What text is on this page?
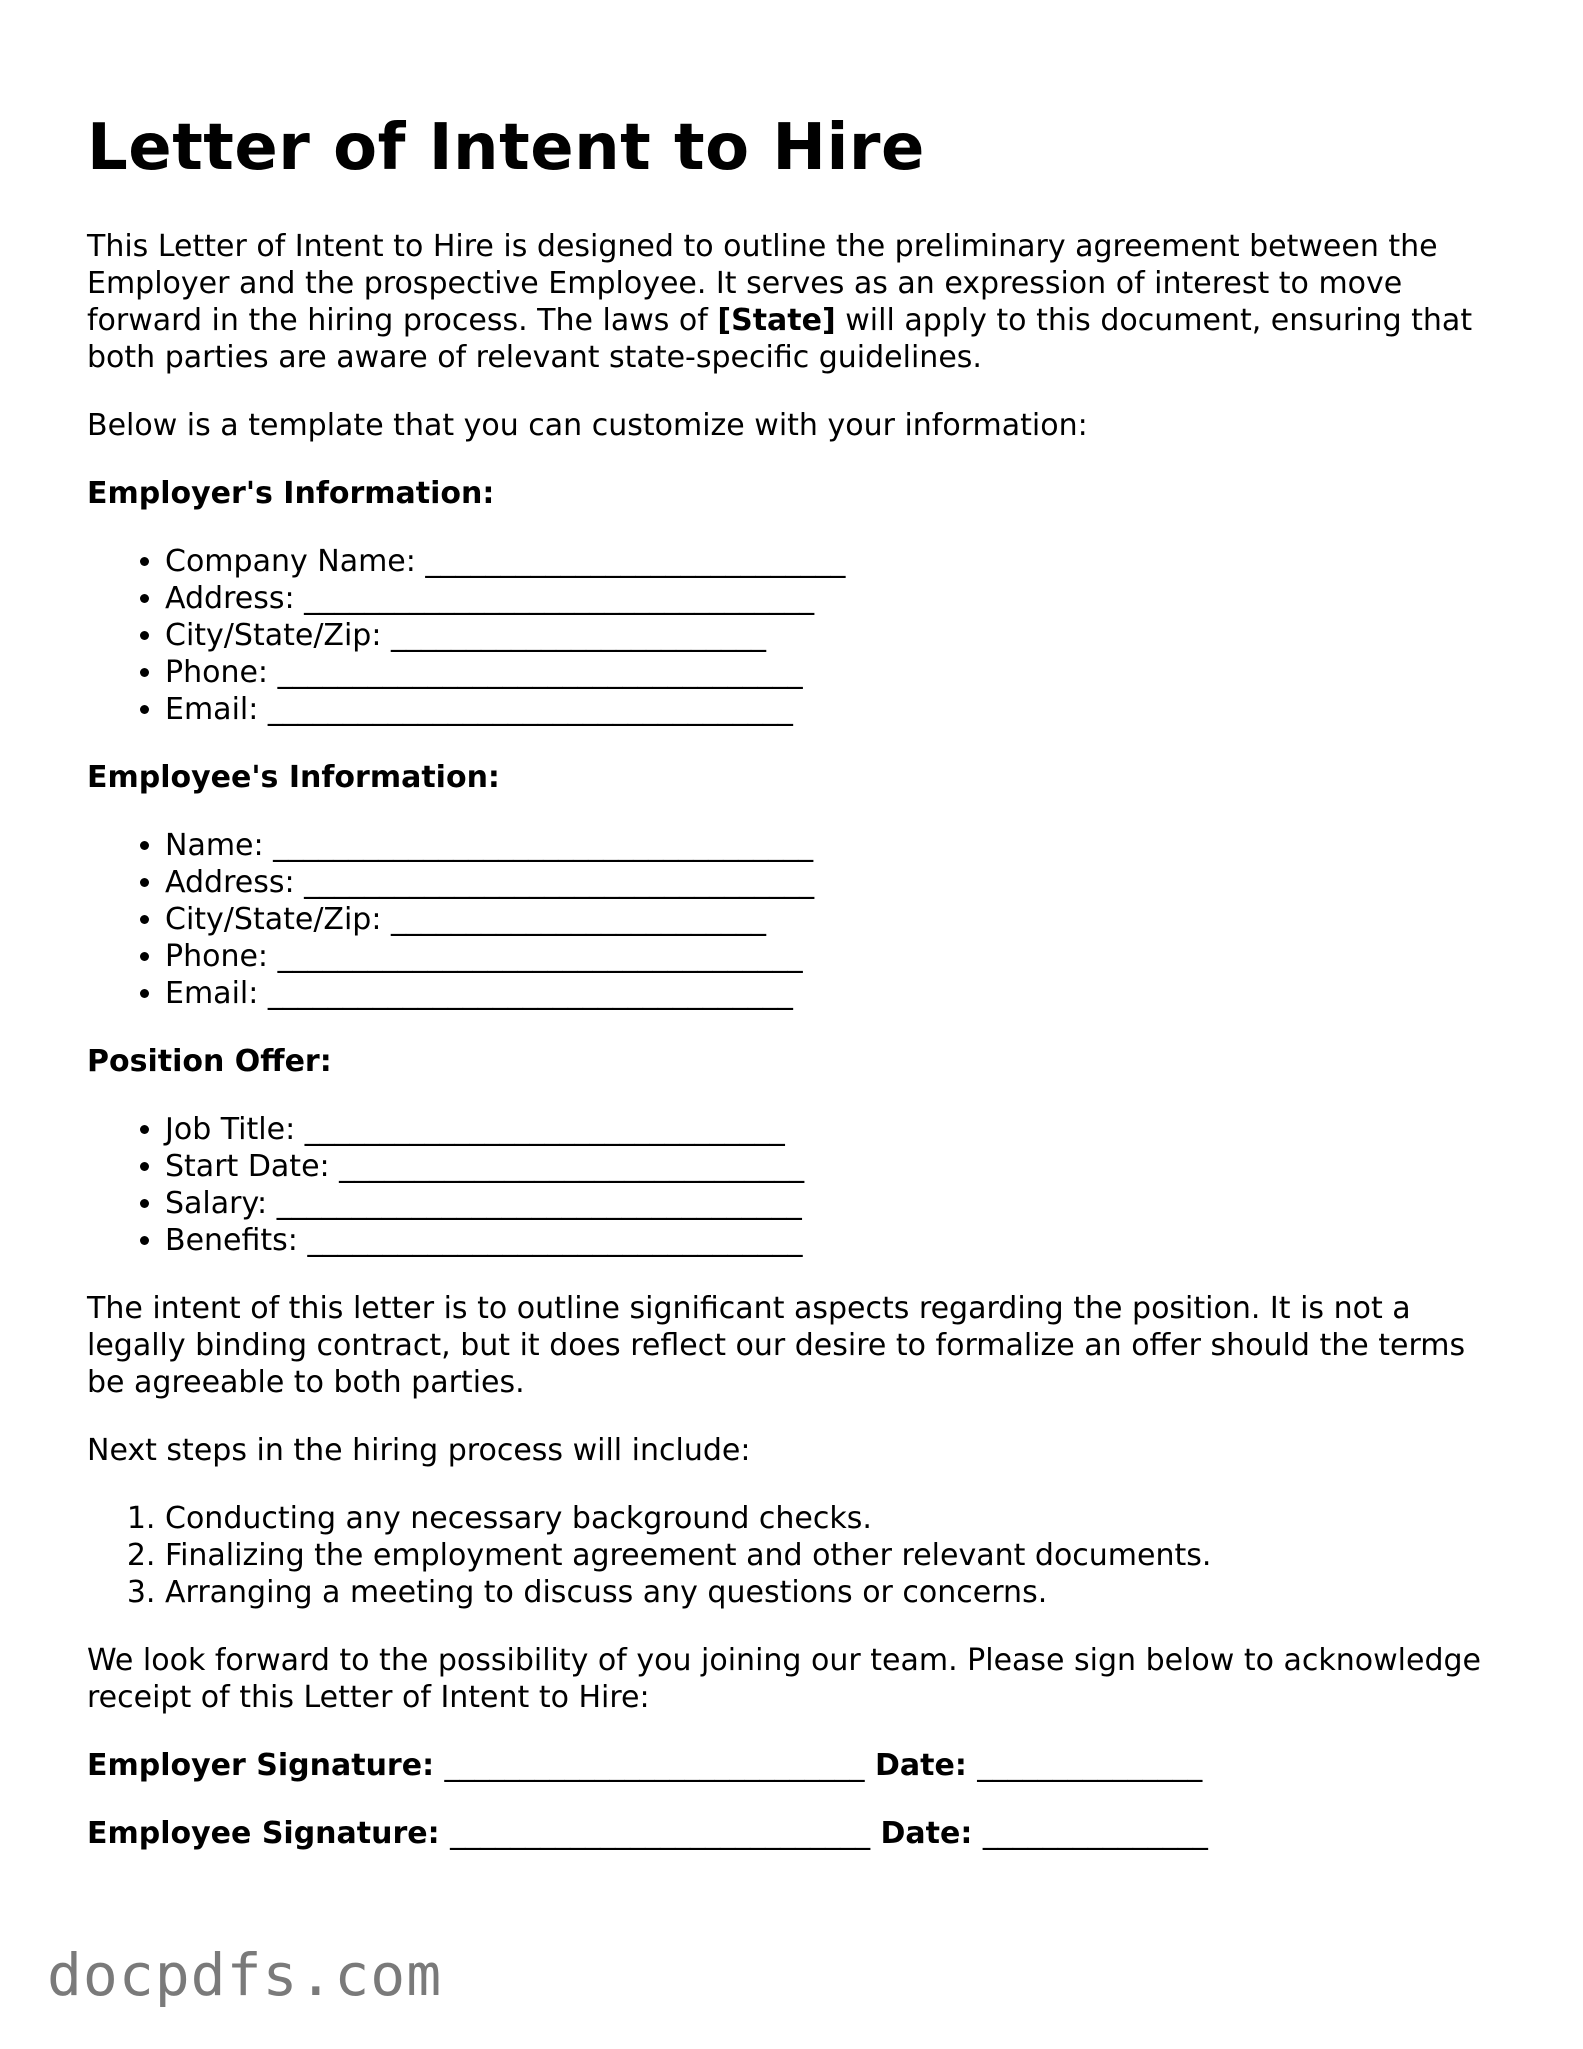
Letter of Intent to Hire

This Letter of Intent to Hire is designed to outline the preliminary agreement between the Employer and the prospective Employee. It serves as an expression of interest to move forward in the hiring process. The laws of [State] will apply to this document, ensuring that both parties are aware of relevant state-specific guidelines.

Below is a template that you can customize with your information:

Employer's Information:
• Company Name: ____________________________
• Address: __________________________________
• City/State/Zip: _________________________
• Phone: ___________________________________
• Email: ___________________________________
Employee's Information:
• Name: ____________________________________
• Address: __________________________________
• City/State/Zip: _________________________
• Phone: ___________________________________
• Email: ___________________________________
Position Offer:
• Job Title: ________________________________
• Start Date: _______________________________
• Salary: ___________________________________
• Benefits: _________________________________

The intent of this letter is to outline significant aspects regarding the position. It is not a legally binding contract, but it does reflect our desire to formalize an offer should the terms be agreeable to both parties.

Next steps in the hiring process will include:

1. Conducting any necessary background checks.
2. Finalizing the employment agreement and other relevant documents.
3. Arranging a meeting to discuss any questions or concerns.

We look forward to the possibility of you joining our team. Please sign below to acknowledge receipt of this Letter of Intent to Hire:

Employer Signature: ____________________________ Date: _______________
Employee Signature: ____________________________ Date: _______________
docpdfs.com
